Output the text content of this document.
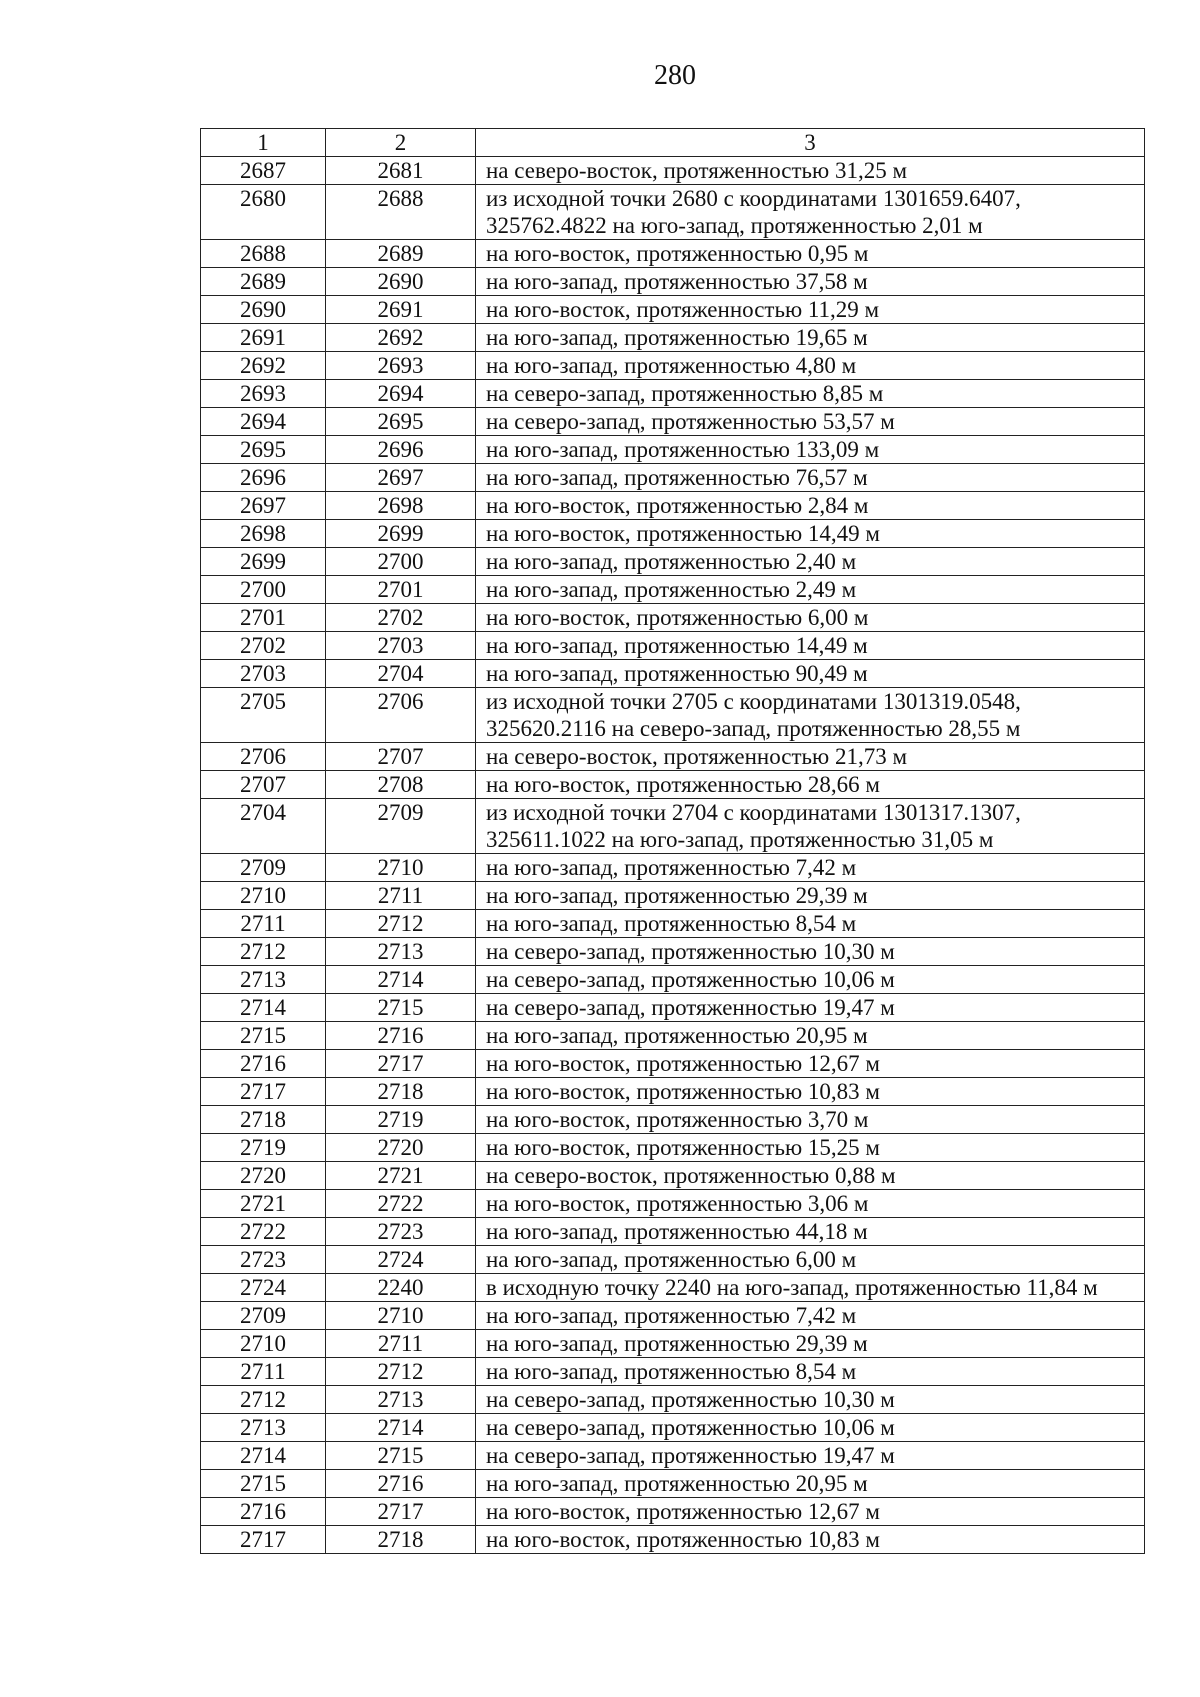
280
1	2	3
2687	2681	на северо-восток, протяженностью 31,25 м
2680	2688	из исходной точки 2680 с координатами 1301659.6407, 325762.4822 на юго-запад, протяженностью 2,01 м
2688	2689	на юго-восток, протяженностью 0,95 м
2689	2690	на юго-запад, протяженностью 37,58 м
2690	2691	на юго-восток, протяженностью 11,29 м
2691	2692	на юго-запад, протяженностью 19,65 м
2692	2693	на юго-запад, протяженностью 4,80 м
2693	2694	на северо-запад, протяженностью 8,85 м
2694	2695	на северо-запад, протяженностью 53,57 м
2695	2696	на юго-запад, протяженностью 133,09 м
2696	2697	на юго-запад, протяженностью 76,57 м
2697	2698	на юго-восток, протяженностью 2,84 м
2698	2699	на юго-восток, протяженностью 14,49 м
2699	2700	на юго-запад, протяженностью 2,40 м
2700	2701	на юго-запад, протяженностью 2,49 м
2701	2702	на юго-восток, протяженностью 6,00 м
2702	2703	на юго-запад, протяженностью 14,49 м
2703	2704	на юго-запад, протяженностью 90,49 м
2705	2706	из исходной точки 2705 с координатами 1301319.0548, 325620.2116 на северо-запад, протяженностью 28,55 м
2706	2707	на северо-восток, протяженностью 21,73 м
2707	2708	на юго-восток, протяженностью 28,66 м
2704	2709	из исходной точки 2704 с координатами 1301317.1307, 325611.1022 на юго-запад, протяженностью 31,05 м
2709	2710	на юго-запад, протяженностью 7,42 м
2710	2711	на юго-запад, протяженностью 29,39 м
2711	2712	на юго-запад, протяженностью 8,54 м
2712	2713	на северо-запад, протяженностью 10,30 м
2713	2714	на северо-запад, протяженностью 10,06 м
2714	2715	на северо-запад, протяженностью 19,47 м
2715	2716	на юго-запад, протяженностью 20,95 м
2716	2717	на юго-восток, протяженностью 12,67 м
2717	2718	на юго-восток, протяженностью 10,83 м
2718	2719	на юго-восток, протяженностью 3,70 м
2719	2720	на юго-восток, протяженностью 15,25 м
2720	2721	на северо-восток, протяженностью 0,88 м
2721	2722	на юго-восток, протяженностью 3,06 м
2722	2723	на юго-запад, протяженностью 44,18 м
2723	2724	на юго-запад, протяженностью 6,00 м
2724	2240	в исходную точку 2240 на юго-запад, протяженностью 11,84 м
2709	2710	на юго-запад, протяженностью 7,42 м
2710	2711	на юго-запад, протяженностью 29,39 м
2711	2712	на юго-запад, протяженностью 8,54 м
2712	2713	на северо-запад, протяженностью 10,30 м
2713	2714	на северо-запад, протяженностью 10,06 м
2714	2715	на северо-запад, протяженностью 19,47 м
2715	2716	на юго-запад, протяженностью 20,95 м
2716	2717	на юго-восток, протяженностью 12,67 м
2717	2718	на юго-восток, протяженностью 10,83 м
